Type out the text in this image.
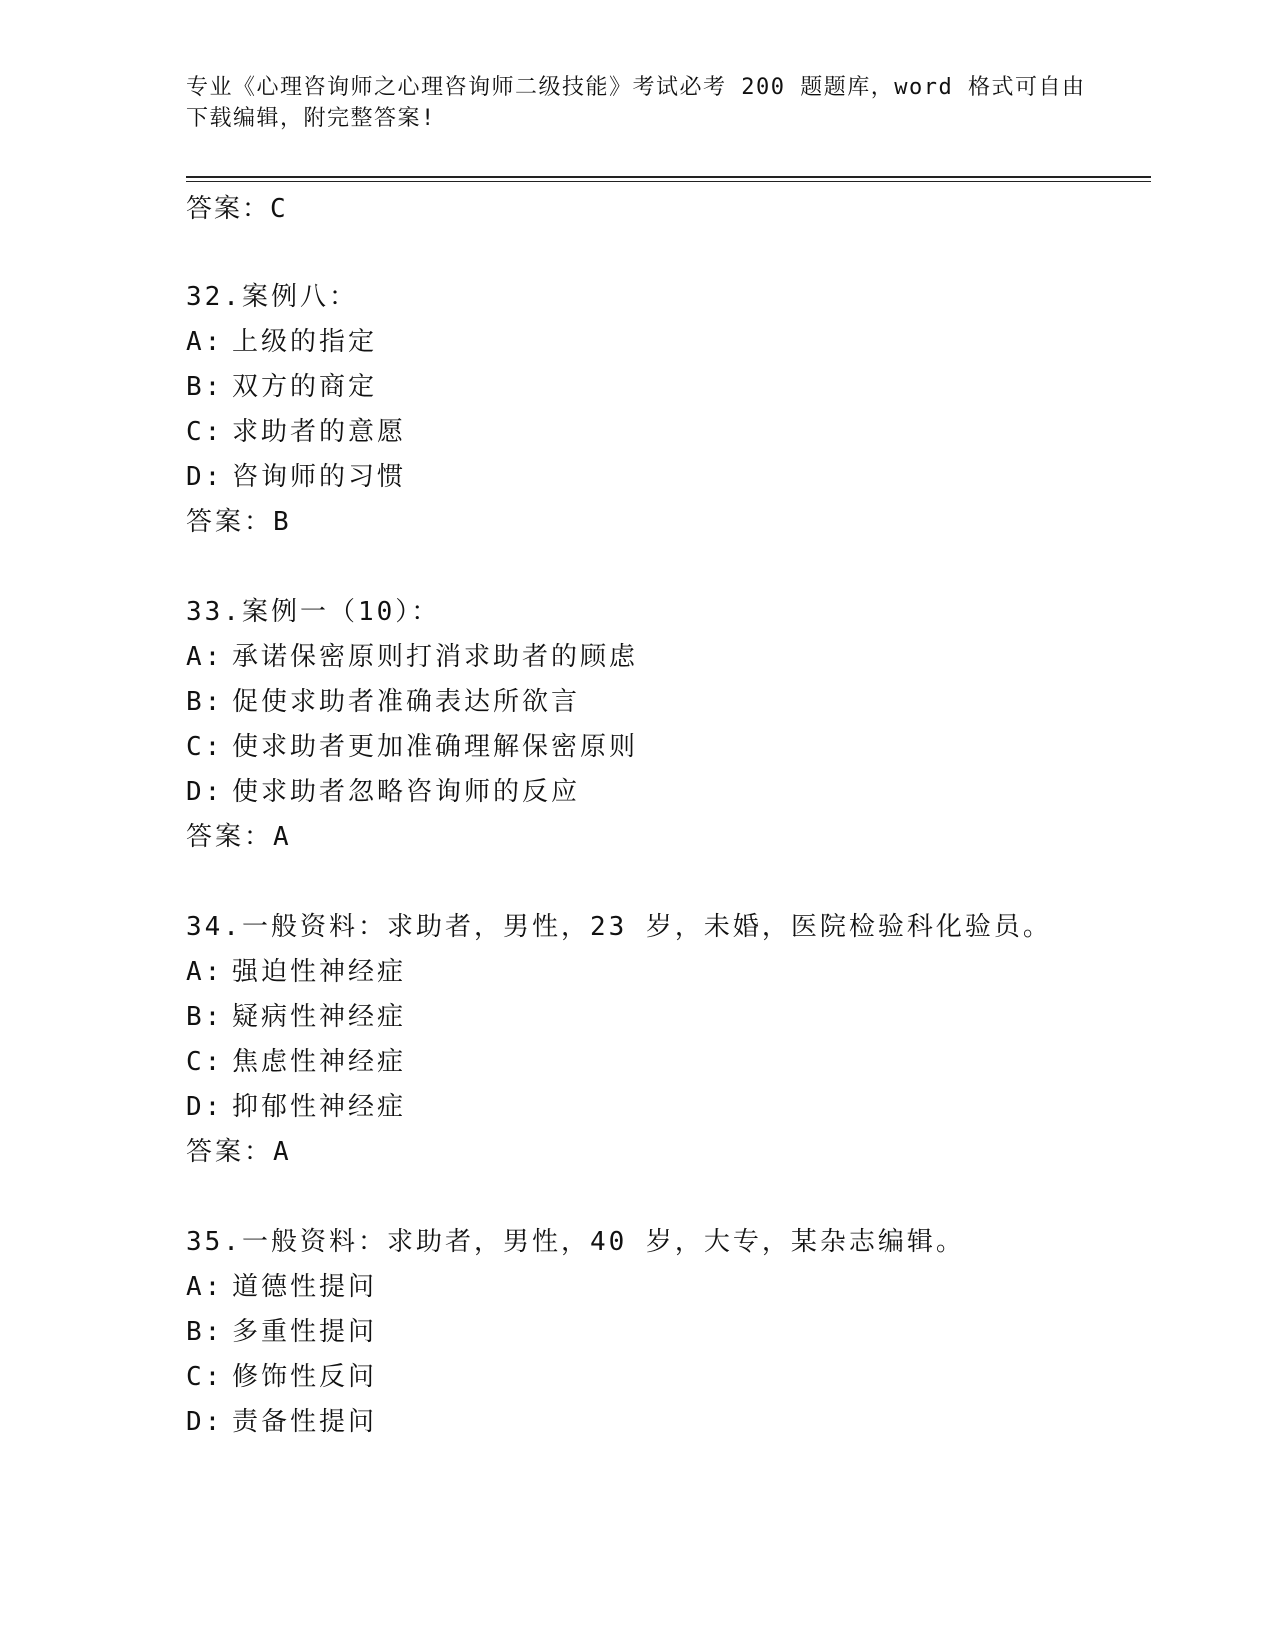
专业《心理咨询师之心理咨询师二级技能》考试必考 200 题题库，word 格式可自由下载编辑，附完整答案!
答案：C
32.案例八：
A: 上级的指定
B: 双方的商定
C: 求助者的意愿
D: 咨询师的习惯
答案：B
33.案例一（10）：
A: 承诺保密原则打消求助者的顾虑
B: 促使求助者准确表达所欲言
C: 使求助者更加准确理解保密原则
D: 使求助者忽略咨询师的反应
答案：A
34.一般资料：求助者，男性，23 岁，未婚，医院检验科化验员。
A: 强迫性神经症
B: 疑病性神经症
C: 焦虑性神经症
D: 抑郁性神经症
答案：A
35.一般资料：求助者，男性，40 岁，大专，某杂志编辑。
A: 道德性提问
B: 多重性提问
C: 修饰性反问
D: 责备性提问
